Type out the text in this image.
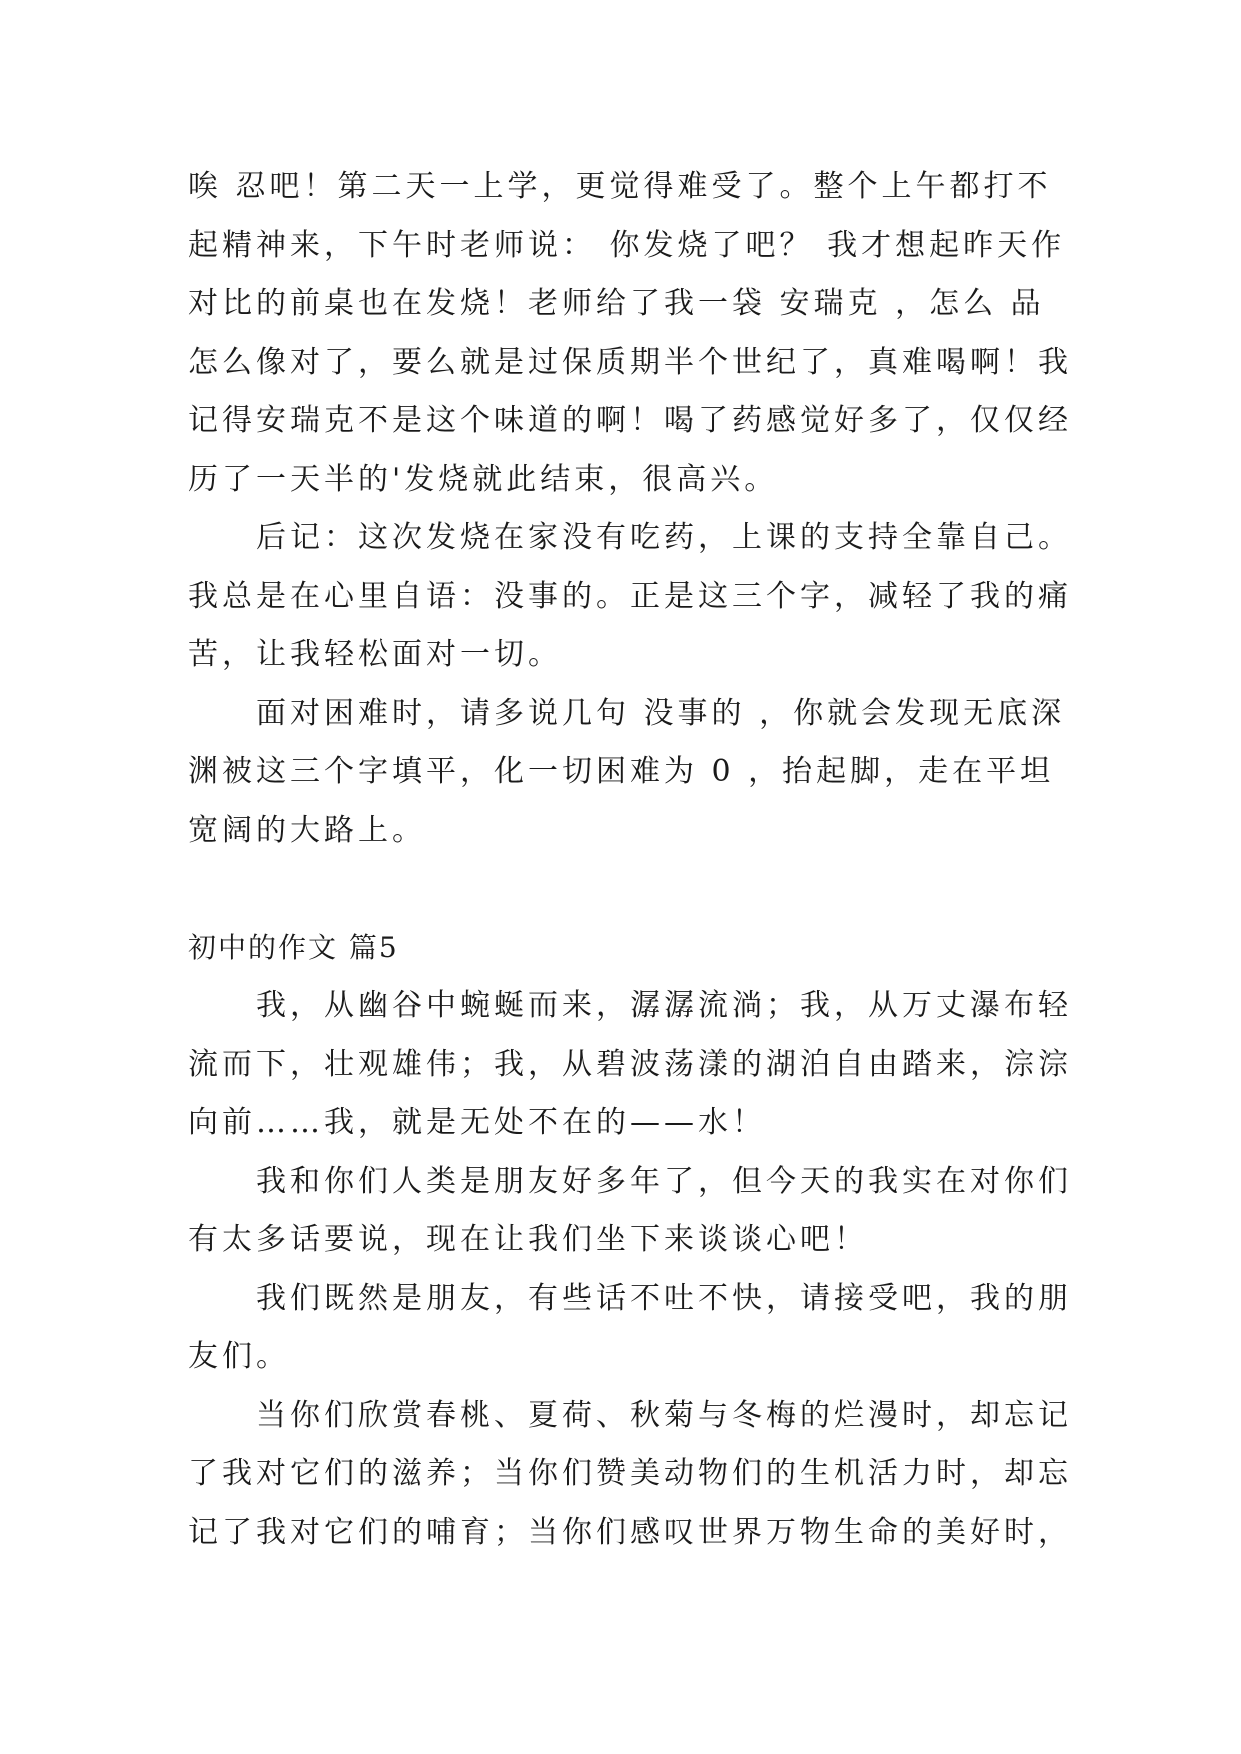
唉 忍吧！第二天一上学，更觉得难受了。整个上午都打不
起精神来，下午时老师说： 你发烧了吧？ 我才想起昨天作
对比的前桌也在发烧！老师给了我一袋 安瑞克 ，怎么 品
怎么像对了，要么就是过保质期半个世纪了，真难喝啊！我
记得安瑞克不是这个味道的啊！喝了药感觉好多了，仅仅经
历了一天半的'发烧就此结束，很高兴。
　　后记：这次发烧在家没有吃药，上课的支持全靠自己。
我总是在心里自语：没事的。正是这三个字，减轻了我的痛
苦，让我轻松面对一切。
　　面对困难时，请多说几句 没事的 ，你就会发现无底深
渊被这三个字填平，化一切困难为 0 ，抬起脚，走在平坦
宽阔的大路上。
初中的作文 篇5
　　我，从幽谷中蜿蜒而来，潺潺流淌；我，从万丈瀑布轻
流而下，壮观雄伟；我，从碧波荡漾的湖泊自由踏来，淙淙
向前……我，就是无处不在的——水！
　　我和你们人类是朋友好多年了，但今天的我实在对你们
有太多话要说，现在让我们坐下来谈谈心吧！
　　我们既然是朋友，有些话不吐不快，请接受吧，我的朋
友们。
　　当你们欣赏春桃、夏荷、秋菊与冬梅的烂漫时，却忘记
了我对它们的滋养；当你们赞美动物们的生机活力时，却忘
记了我对它们的哺育；当你们感叹世界万物生命的美好时，
